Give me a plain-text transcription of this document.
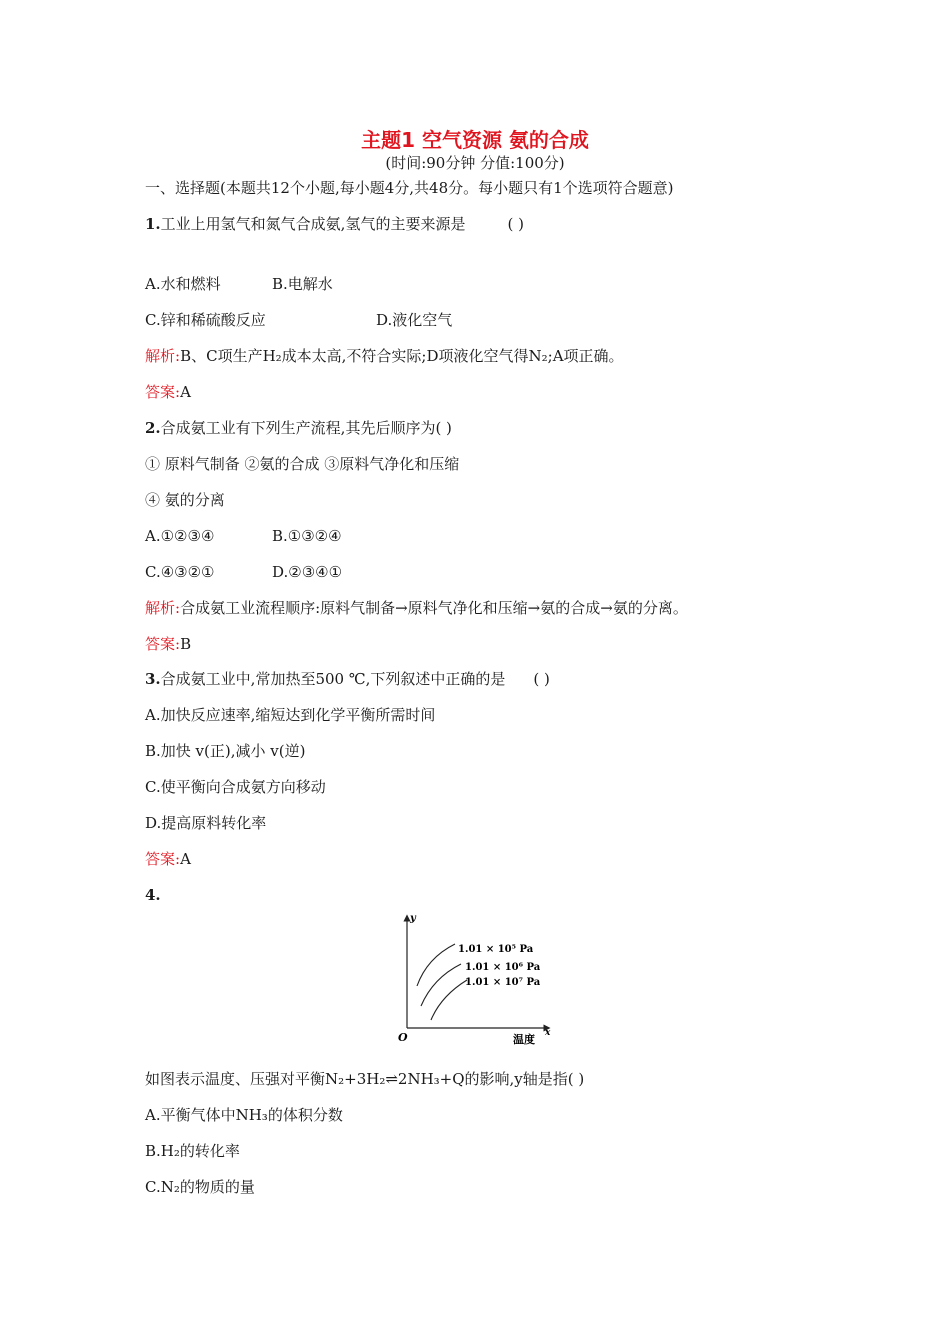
主题1 空气资源 氨的合成
(时间:90分钟 分值:100分)
一、选择题(本题共12个小题,每小题4分,共48分。每小题只有1个选项符合题意)
1.工业上用氢气和氮气合成氨,氢气的主要来源是	( )
A.水和燃料	B.电解水
C.锌和稀硫酸反应	D.液化空气
解析:B、C项生产H₂成本太高,不符合实际;D项液化空气得N₂;A项正确。
答案:A
2.合成氨工业有下列生产流程,其先后顺序为( )
① 原料气制备 ②氨的合成 ③原料气净化和压缩
④ 氨的分离
A.①②③④	B.①③②④
C.④③②①	D.②③④①
解析:合成氨工业流程顺序:原料气制备→原料气净化和压缩→氨的合成→氨的分离。
答案:B
3.合成氨工业中,常加热至500 ℃,下列叙述中正确的是 ( )
A.加快反应速率,缩短达到化学平衡所需时间
B.加快 v(正),减小 v(逆)
C.使平衡向合成氨方向移动
D.提高原料转化率
答案:A
4.
y
x
温度
O
1.01 × 10⁵ Pa
1.01 × 10⁶ Pa
1.01 × 10⁷ Pa
如图表示温度、压强对平衡N₂+3H₂⇌2NH₃+Q的影响,y轴是指( )
A.平衡气体中NH₃的体积分数
B.H₂的转化率
C.N₂的物质的量
